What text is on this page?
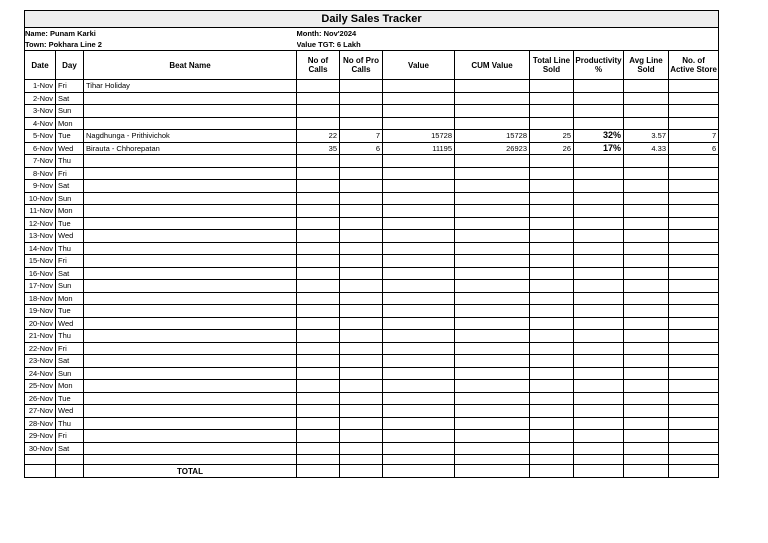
Daily Sales Tracker										
Name: Punam Karki			Month: Nov'2024							
Town: Pokhara Line 2			Value TGT: 6 Lakh							
Date	Day	Beat Name	No of Calls	No of Pro Calls	Value	CUM Value	Total Line Sold	Productivity %	Avg Line Sold	No. of Active Store
1-Nov	Fri	Tihar Holiday								
2-Nov	Sat									
3-Nov	Sun									
4-Nov	Mon									
5-Nov	Tue	Nagdhunga - Prithivichok	22	7	15728	15728	25	32%	3.57	7
6-Nov	Wed	Birauta - Chhorepatan	35	6	11195	26923	26	17%	4.33	6
7-Nov	Thu									
8-Nov	Fri									
9-Nov	Sat									
10-Nov	Sun									
11-Nov	Mon									
12-Nov	Tue									
13-Nov	Wed									
14-Nov	Thu									
15-Nov	Fri									
16-Nov	Sat									
17-Nov	Sun									
18-Nov	Mon									
19-Nov	Tue									
20-Nov	Wed									
21-Nov	Thu									
22-Nov	Fri									
23-Nov	Sat									
24-Nov	Sun									
25-Nov	Mon									
26-Nov	Tue									
27-Nov	Wed									
28-Nov	Thu									
29-Nov	Fri									
30-Nov	Sat									

		TOTAL								
